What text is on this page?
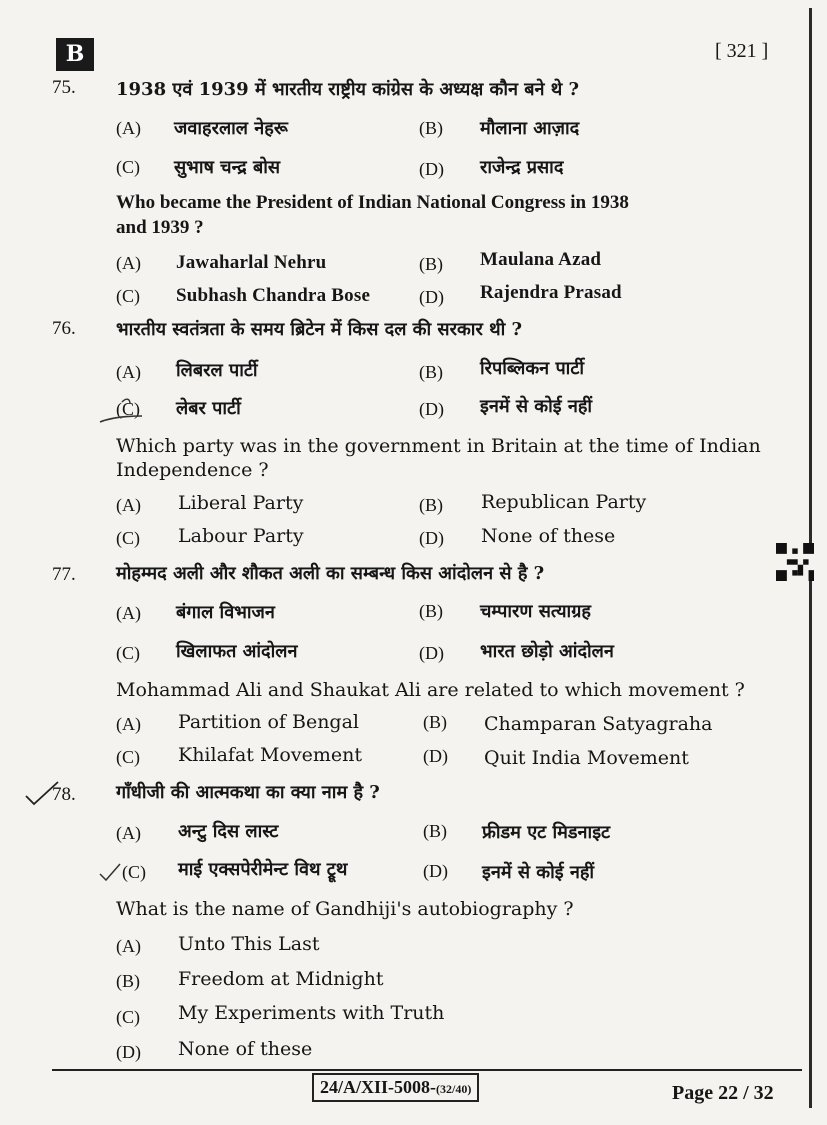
B	[ 321 ]
75. 1938 एवं 1939 में भारतीय राष्ट्रीय कांग्रेस के अध्यक्ष कौन बने थे ?
(A) जवाहरलाल नेहरू	(B) मौलाना आज़ाद
(C) सुभाष चन्द्र बोस	(D) राजेन्द्र प्रसाद
Who became the President of Indian National Congress in 1938
and 1939 ?
(A) Jawaharlal Nehru	(B) Maulana Azad
(C) Subhash Chandra Bose	(D) Rajendra Prasad
76. भारतीय स्वतंत्रता के समय ब्रिटेन में किस दल की सरकार थी ?
(A) लिबरल पार्टी	(B) रिपब्लिकन पार्टी
(C) लेबर पार्टी	(D) इनमें से कोई नहीं
Which party was in the government in Britain at the time of Indian
Independence ?
(A) Liberal Party	(B) Republican Party
(C) Labour Party	(D) None of these
77. मोहम्मद अली और शौकत अली का सम्बन्ध किस आंदोलन से है ?
(A) बंगाल विभाजन	(B) चम्पारण सत्याग्रह
(C) खिलाफत आंदोलन	(D) भारत छोड़ो आंदोलन
Mohammad Ali and Shaukat Ali are related to which movement ?
(A) Partition of Bengal	(B) Champaran Satyagraha
(C) Khilafat Movement	(D) Quit India Movement
78. गाँधीजी की आत्मकथा का क्या नाम है ?
(A) अन्टु दिस लास्ट	(B) फ्रीडम एट मिडनाइट
(C) माई एक्सपेरीमेन्ट विथ ट्रूथ	(D) इनमें से कोई नहीं
What is the name of Gandhiji's autobiography ?
(A) Unto This Last
(B) Freedom at Midnight
(C) My Experiments with Truth
(D) None of these
24/A/XII-5008-(32/40)	Page 22 / 32
